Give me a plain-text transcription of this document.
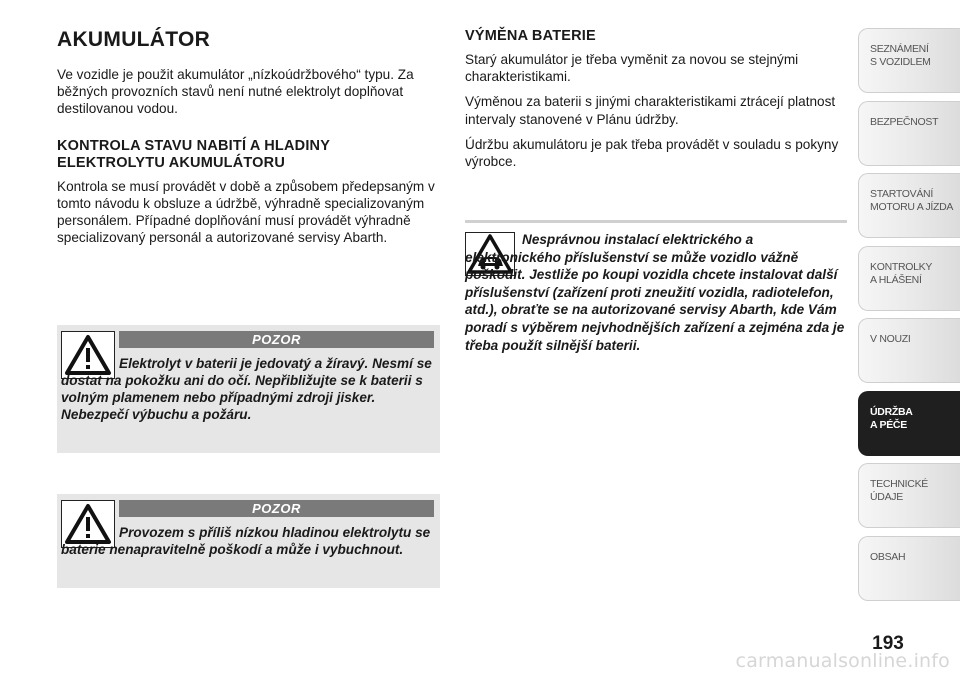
AKUMULÁTOR
Ve vozidle je použit akumulátor „nízkoúdržbového“ typu. Za běžných provozních stavů není nutné elektrolyt doplňovat destilovanou vodou.
KONTROLA STAVU NABITÍ A HLADINY ELEKTROLYTU AKUMULÁTORU
Kontrola se musí provádět v době a způsobem předepsaným v tomto návodu k obsluze a údržbě, výhradně specializovaným personálem. Případné doplňování musí provádět výhradně specializovaný personál a autorizované servisy Abarth.
POZOR
Elektrolyt v baterii je jedovatý a žíravý. Nesmí se dostat na pokožku ani do očí. Nepřibližujte se k baterii s volným plamenem nebo případnými zdroji jisker. Nebezpečí výbuchu a požáru.
POZOR
Provozem s příliš nízkou hladinou elektrolytu se baterie nenapravitelně poškodí a může i vybuchnout.
VÝMĚNA BATERIE
Starý akumulátor je třeba vyměnit za novou se stejnými charakteristikami.
Výměnou za baterii s jinými charakteristikami ztrácejí platnost intervaly stanovené v Plánu údržby.
Údržbu akumulátoru je pak třeba provádět v souladu s pokyny výrobce.
Nesprávnou instalací elektrického a elektronického příslušenství se může vozidlo vážně poškodit. Jestliže po koupi vozidla chcete instalovat další příslušenství (zařízení proti zneužití vozidla, radiotelefon, atd.), obraťte se na autorizované servisy Abarth, kde Vám poradí s výběrem nejvhodnějších zařízení a zejména zda je třeba použít silnější baterii.
SEZNÁMENÍ
S VOZIDLEM
BEZPEČNOST
STARTOVÁNÍ
MOTORU A JÍZDA
KONTROLKY
A HLÁŠENÍ
V NOUZI
ÚDRŽBA
A PÉČE
TECHNICKÉ
ÚDAJE
OBSAH
193
carmanualsonline.info
